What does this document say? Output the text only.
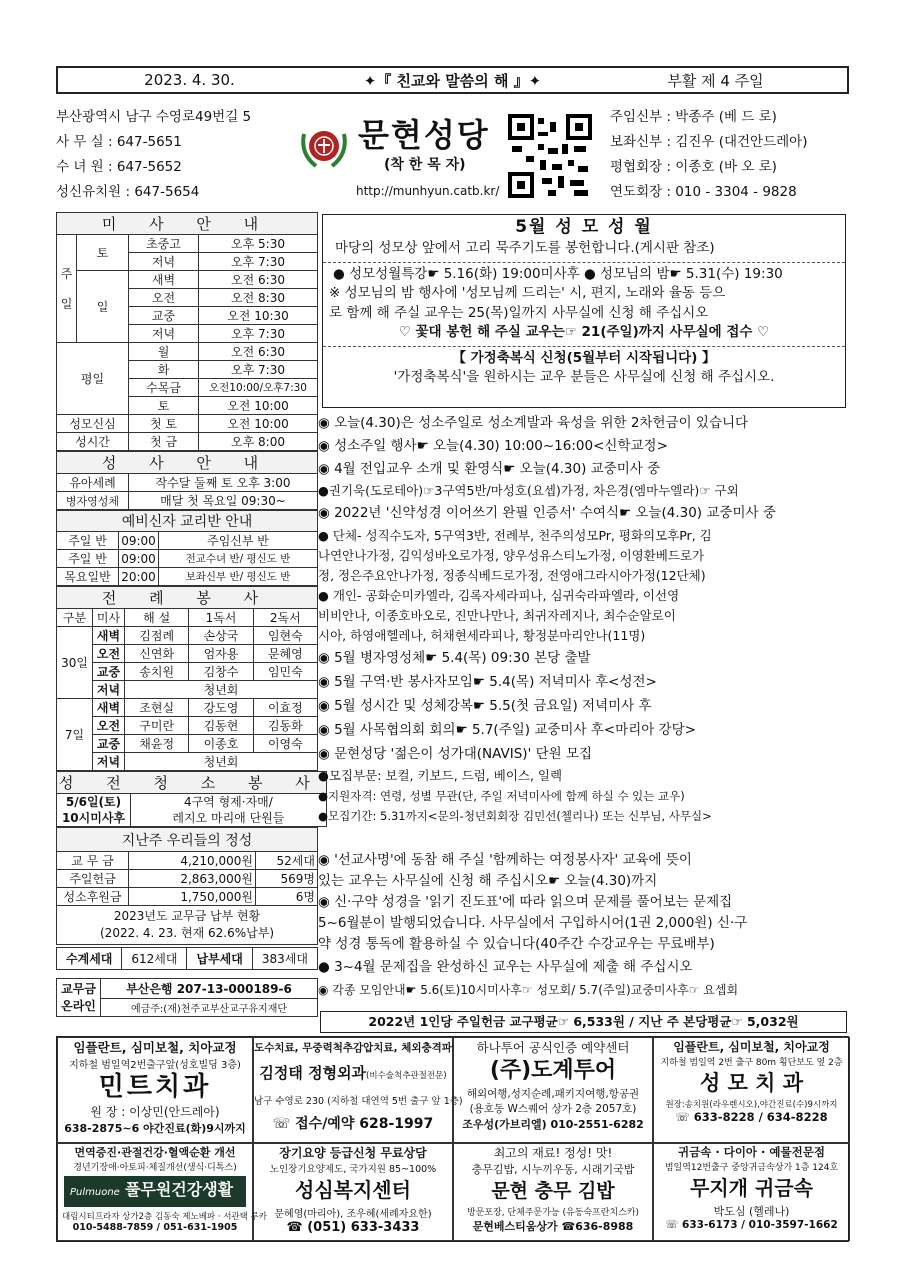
2023. 4. 30.	✦『 친교와 말씀의 해 』✦	부활 제 4 주일
부산광역시 남구 수영로49번길 5
사 무 실 : 647-5651
수 녀 원 : 647-5652
성신유치원 : 647-5654
문현성당
(착 한 목 자)
http://munhyun.catb.kr/
주임신부 : 박종주 (베 드 로)
보좌신부 : 김진우 (대건안드레아)
평협회장 : 이종호 (바 오 로)
연도회장 : 010 - 3304 - 9828
미 사 안 내			
주일	토	초중고	오후 5:30
		저녁	오후 7:30
	일	새벽	오전 6:30
		오전	오전 8:30
		교중	오전 10:30
		저녁	오후 7:30
평일		월	오전 6:30
		화	오후 7:30
		수목금	오전10:00/오후7:30
		토	오전 10:00
성모신심		첫 토	오전 10:00
성시간		첫 금	오후 8:00
성 사 안 내	
유아세례	작수달 둘째 토 오후 3:00
병자영성체	매달 첫 목요일 09:30~
예비신자 교리반 안내		
주일 반	09:00	주임신부 반
주일 반	09:00	전교수녀 반/ 평신도 반
목요일반	20:00	보좌신부 반/ 평신도 반
전 례 봉 사				
구분	미사	해 설	1독서	2독서
30일	새벽	김점례	손상국	임현숙
	오전	신연화	엄자용	문혜영
	교중	송치원	김창수	임민숙
	저녁	청년회		
7일	새벽	조현실	강도영	이효정
	오전	구미란	김동현	김동화
	교중	채윤정	이종호	이영숙
	저녁	청년회		
성 전 청 소 봉 사

5/6일(토)
10시미사후

4구역 형제·자매/
레지오 마리애 단원들
지난주 우리들의 정성		
교 무 금	4,210,000원	52세대
주일헌금	2,863,000원	569명
성소후원금	1,750,000원	6명

2023년도 교무금 납부 현황
(2022. 4. 23. 현재 62.6%납부)		
수계세대	612세대	납부세대	383세대
교무금
온라인
	부산은행 207-13-000189-6
예금주:(재)천주교부산교구유지재단
5월 성 모 성 월
마당의 성모상 앞에서 고리 묵주기도를 봉헌합니다.(게시판 참조)
● 성모성월특강☛ 5.16(화) 19:00미사후 ● 성모님의 밤☛ 5.31(수) 19:30
※ 성모님의 밤 행사에 '성모님께 드리는' 시, 편지, 노래와 율동 등으
로 함께 해 주실 교우는 25(목)일까지 사무실에 신청 해 주십시오
♡ 꽃대 봉헌 해 주실 교우는☞ 21(주일)까지 사무실에 접수 ♡
【 가정축복식 신청(5월부터 시작됩니다) 】
'가정축복식'을 원하시는 교우 분들은 사무실에 신청 해 주십시오.
◉ 오늘(4.30)은 성소주일로 성소계발과 육성을 위한 2차헌금이 있습니다
◉ 성소주일 행사☛ 오늘(4.30) 10:00~16:00<신학교정>
◉ 4월 전입교우 소개 및 환영식☛ 오늘(4.30) 교중미사 중
●권기욱(도로테아)☞3구역5반/마성호(요셉)가정, 차은경(엠마누엘라)☞ 구외
◉ 2022년 '신약성경 이어쓰기 완필 인증서' 수여식☛ 오늘(4.30) 교중미사 중
● 단체- 성직수도자, 5구역3반, 전례부, 천주의성모Pr, 평화의모후Pr, 김
나연안나가정, 김익성바오로가정, 양우성유스티노가정, 이영환베드로가
정, 정은주요안나가정, 정종식베드로가정, 전영애그라시아가정(12단체)
● 개인- 공화순미카엘라, 김록자세라피나, 심귀숙라파엘라, 이선영
비비안나, 이종호바오로, 진만나만나, 최귀자레지나, 최수순알로이
시아, 하영애헬레나, 허채현세라피나, 황정분마리안나(11명)
◉ 5월 병자영성체☛ 5.4(목) 09:30 본당 출발
◉ 5월 구역·반 봉사자모임☛ 5.4(목) 저녁미사 후<성전>
◉ 5월 성시간 및 성체강복☛ 5.5(첫 금요일) 저녁미사 후
◉ 5월 사목협의회 회의☛ 5.7(주일) 교중미사 후<마리아 강당>
◉ 문현성당 '젊은이 성가대(NAVIS)' 단원 모집
●모집부문: 보컬, 키보드, 드럼, 베이스, 일렉
●지원자격: 연령, 성별 무관(단, 주일 저녁미사에 함께 하실 수 있는 교우)
●모집기간: 5.31까지<문의-청년회회장 김민선(첼리나) 또는 신부님, 사무실>
◉ '선교사명'에 동참 해 주실 '함께하는 여정봉사자' 교육에 뜻이
있는 교우는 사무실에 신청 해 주십시오☛ 오늘(4.30)까지
◉ 신·구약 성경을 '읽기 진도표'에 따라 읽으며 문제를 풀어보는 문제집
5~6월분이 발행되었습니다. 사무실에서 구입하시어(1권 2,000원) 신·구
약 성경 통독에 활용하실 수 있습니다(40주간 수강교우는 무료배부)
● 3~4월 문제집을 완성하신 교우는 사무실에 제출 해 주십시오
◉ 각종 모임안내☛ 5.6(토)10시미사후☞ 성모회/ 5.7(주일)교중미사후☞ 요셉회
2022년 1인당 주일헌금 교구평균☞ 6,533원 / 지난 주 본당평균☞ 5,032원
임플란트, 심미보철, 치아교정
지하철 범일역2번출구앞(성호빌딩 3층)
민트치과
원 장 : 이상민(안드레아)
638-2875~6 야간진료(화)9시까지
도수치료, 무중력척추감압치료, 체외충격파
김정태 정형외과(비수술척추관절전문)
남구 수영로 230 (지하철 대연역 5번 출구 앞 1층)
☏ 접수/예약 628-1997
하나투어 공식인증 예약센터
(주)도계투어
해외여행,성지순례,패키지여행,항공권
(용호동 W스퀘어 상가 2층 2057호)
조우성(가브리엘) 010-2551-6282
임플란트, 심미보철, 치아교정
지하철 범일역 2번 출구 80m 횡단보도 옆 2층
성 모 치 과
원장:송치원(라우렌시오),야간진료(수)9시까지
☏ 633-8228 / 634-8228
면역증진·관절건강·혈액순환 개선
경년기장애·아토피·체질개선(생식·디톡스)
Pulmuone 풀무원건강생활
대림시티프라자 상가2층 김동숙 제노베파 · 서관택 루카
010-5488-7859 / 051-631-1905
장기요양 등급신청 무료상담
노인장기요양제도, 국가지원 85~100%
성심복지센터
문혜영(마리아), 조우혜(세례자요한)
☎ (051) 633-3433
최고의 재료! 정성! 맛!
충무김밥, 시누끼우동, 시래기국밥
문현 충무 김밥
방문포장, 단체주문가능 (유동숙프란치스카)
문현베스티움상가 ☎636-8988
귀금속 · 다이아 · 예물전문점
범일역12번출구 중앙귀금속상가 1층 124호
무지개 귀금속
박도심 (헬레나)
☏ 633-6173 / 010-3597-1662
